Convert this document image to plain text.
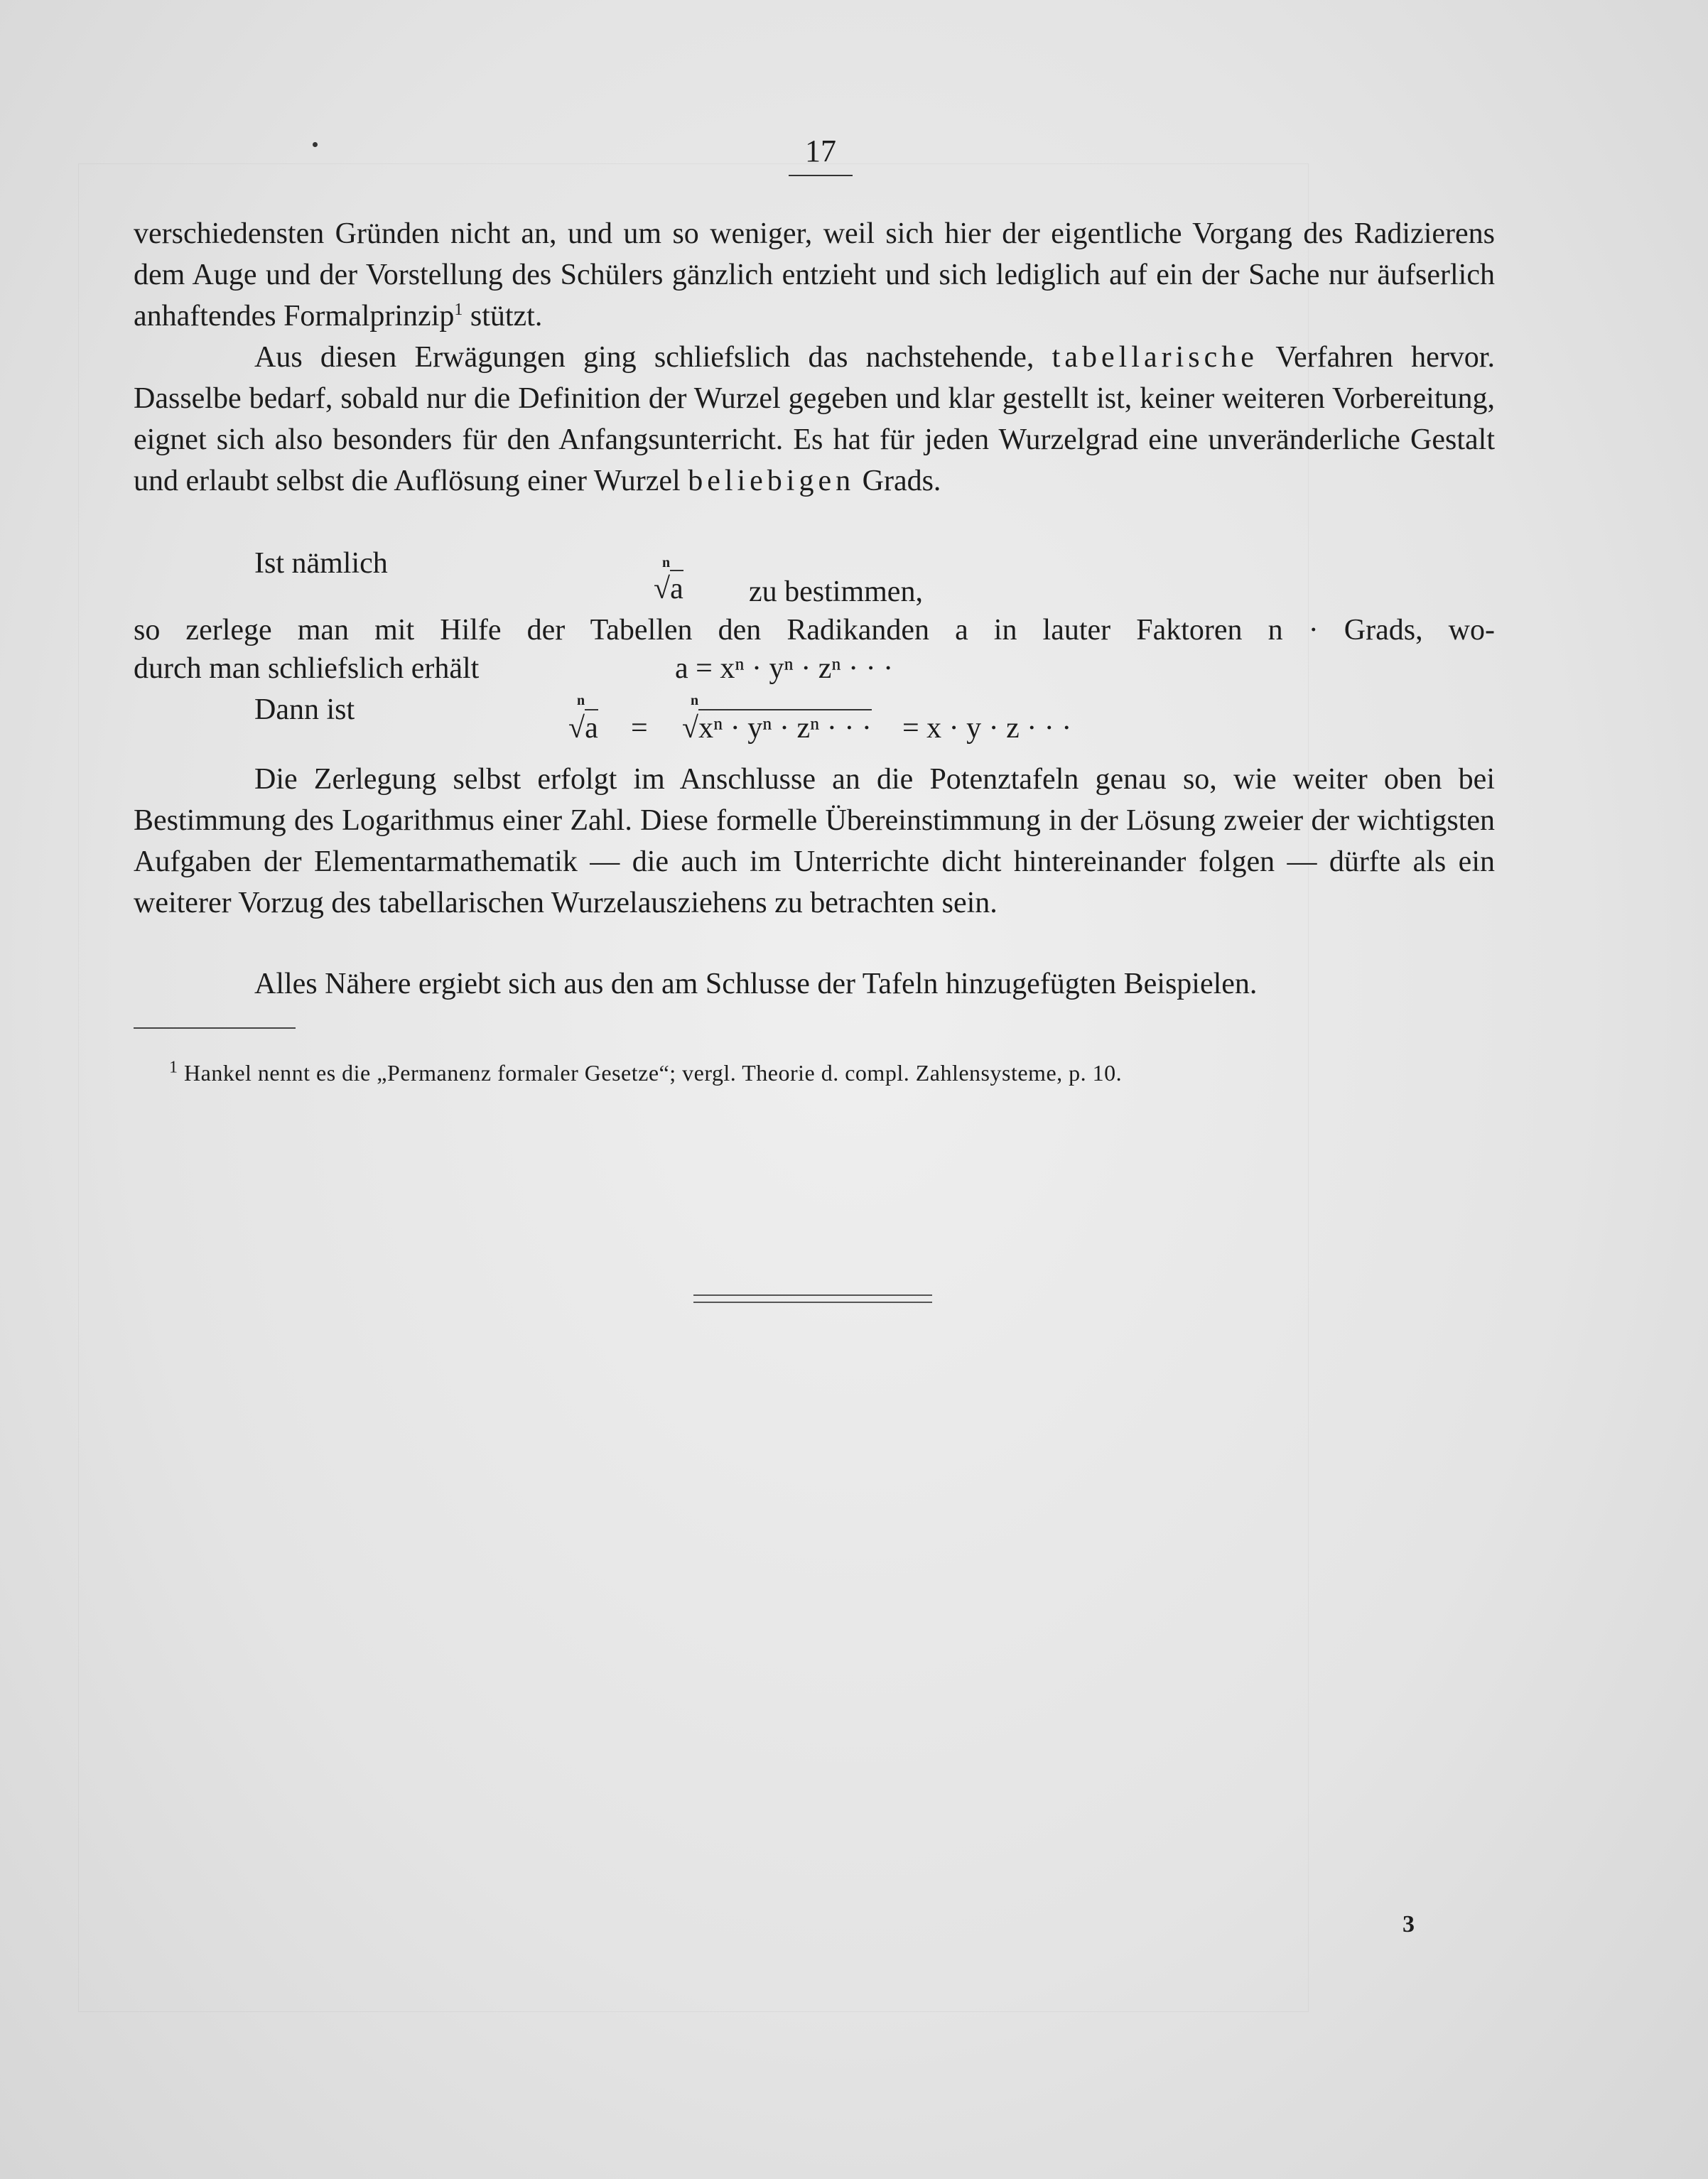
17

verschiedensten Gründen nicht an, und um so weniger, weil sich hier der eigentliche Vorgang des Radizierens dem Auge und der Vorstellung des Schülers gänzlich entzieht und sich lediglich auf ein der Sache nur äufserlich anhaftendes Formalprinzip$^1$ stützt.

Aus diesen Erwägungen ging schliefslich das nachstehende, tabellarische Verfahren hervor. Dasselbe bedarf, sobald nur die Definition der Wurzel gegeben und klar gestellt ist, keiner weiteren Vorbereitung, eignet sich also besonders für den Anfangsunterricht. Es hat für jeden Wurzelgrad eine unveränderliche Gestalt und erlaubt selbst die Auflösung einer Wurzel beliebigen Grads.

Ist nämlich	n
√a zu bestimmen,
so zerlege man mit Hilfe der Tabellen den Radikanden a in lauter Faktoren n · Grads, wo-
durch man schliefslich erhält	a = xⁿ · yⁿ · zⁿ · · ·
Dann ist	n
√a =
n
√xⁿ · yⁿ · zⁿ · · · = x · y · z · · ·

Die Zerlegung selbst erfolgt im Anschlusse an die Potenztafeln genau so, wie weiter oben bei Bestimmung des Logarithmus einer Zahl. Diese formelle Übereinstimmung in der Lösung zweier der wichtigsten Aufgaben der Elementarmathematik — die auch im Unterrichte dicht hintereinander folgen — dürfte als ein weiterer Vorzug des tabellarischen Wurzelausziehens zu betrachten sein.

Alles Nähere ergiebt sich aus den am Schlusse der Tafeln hinzugefügten Beispielen.

$^1$ Hankel nennt es die „Permanenz formaler Gesetze“; vergl. Theorie d. compl. Zahlensysteme, p. 10.
3
